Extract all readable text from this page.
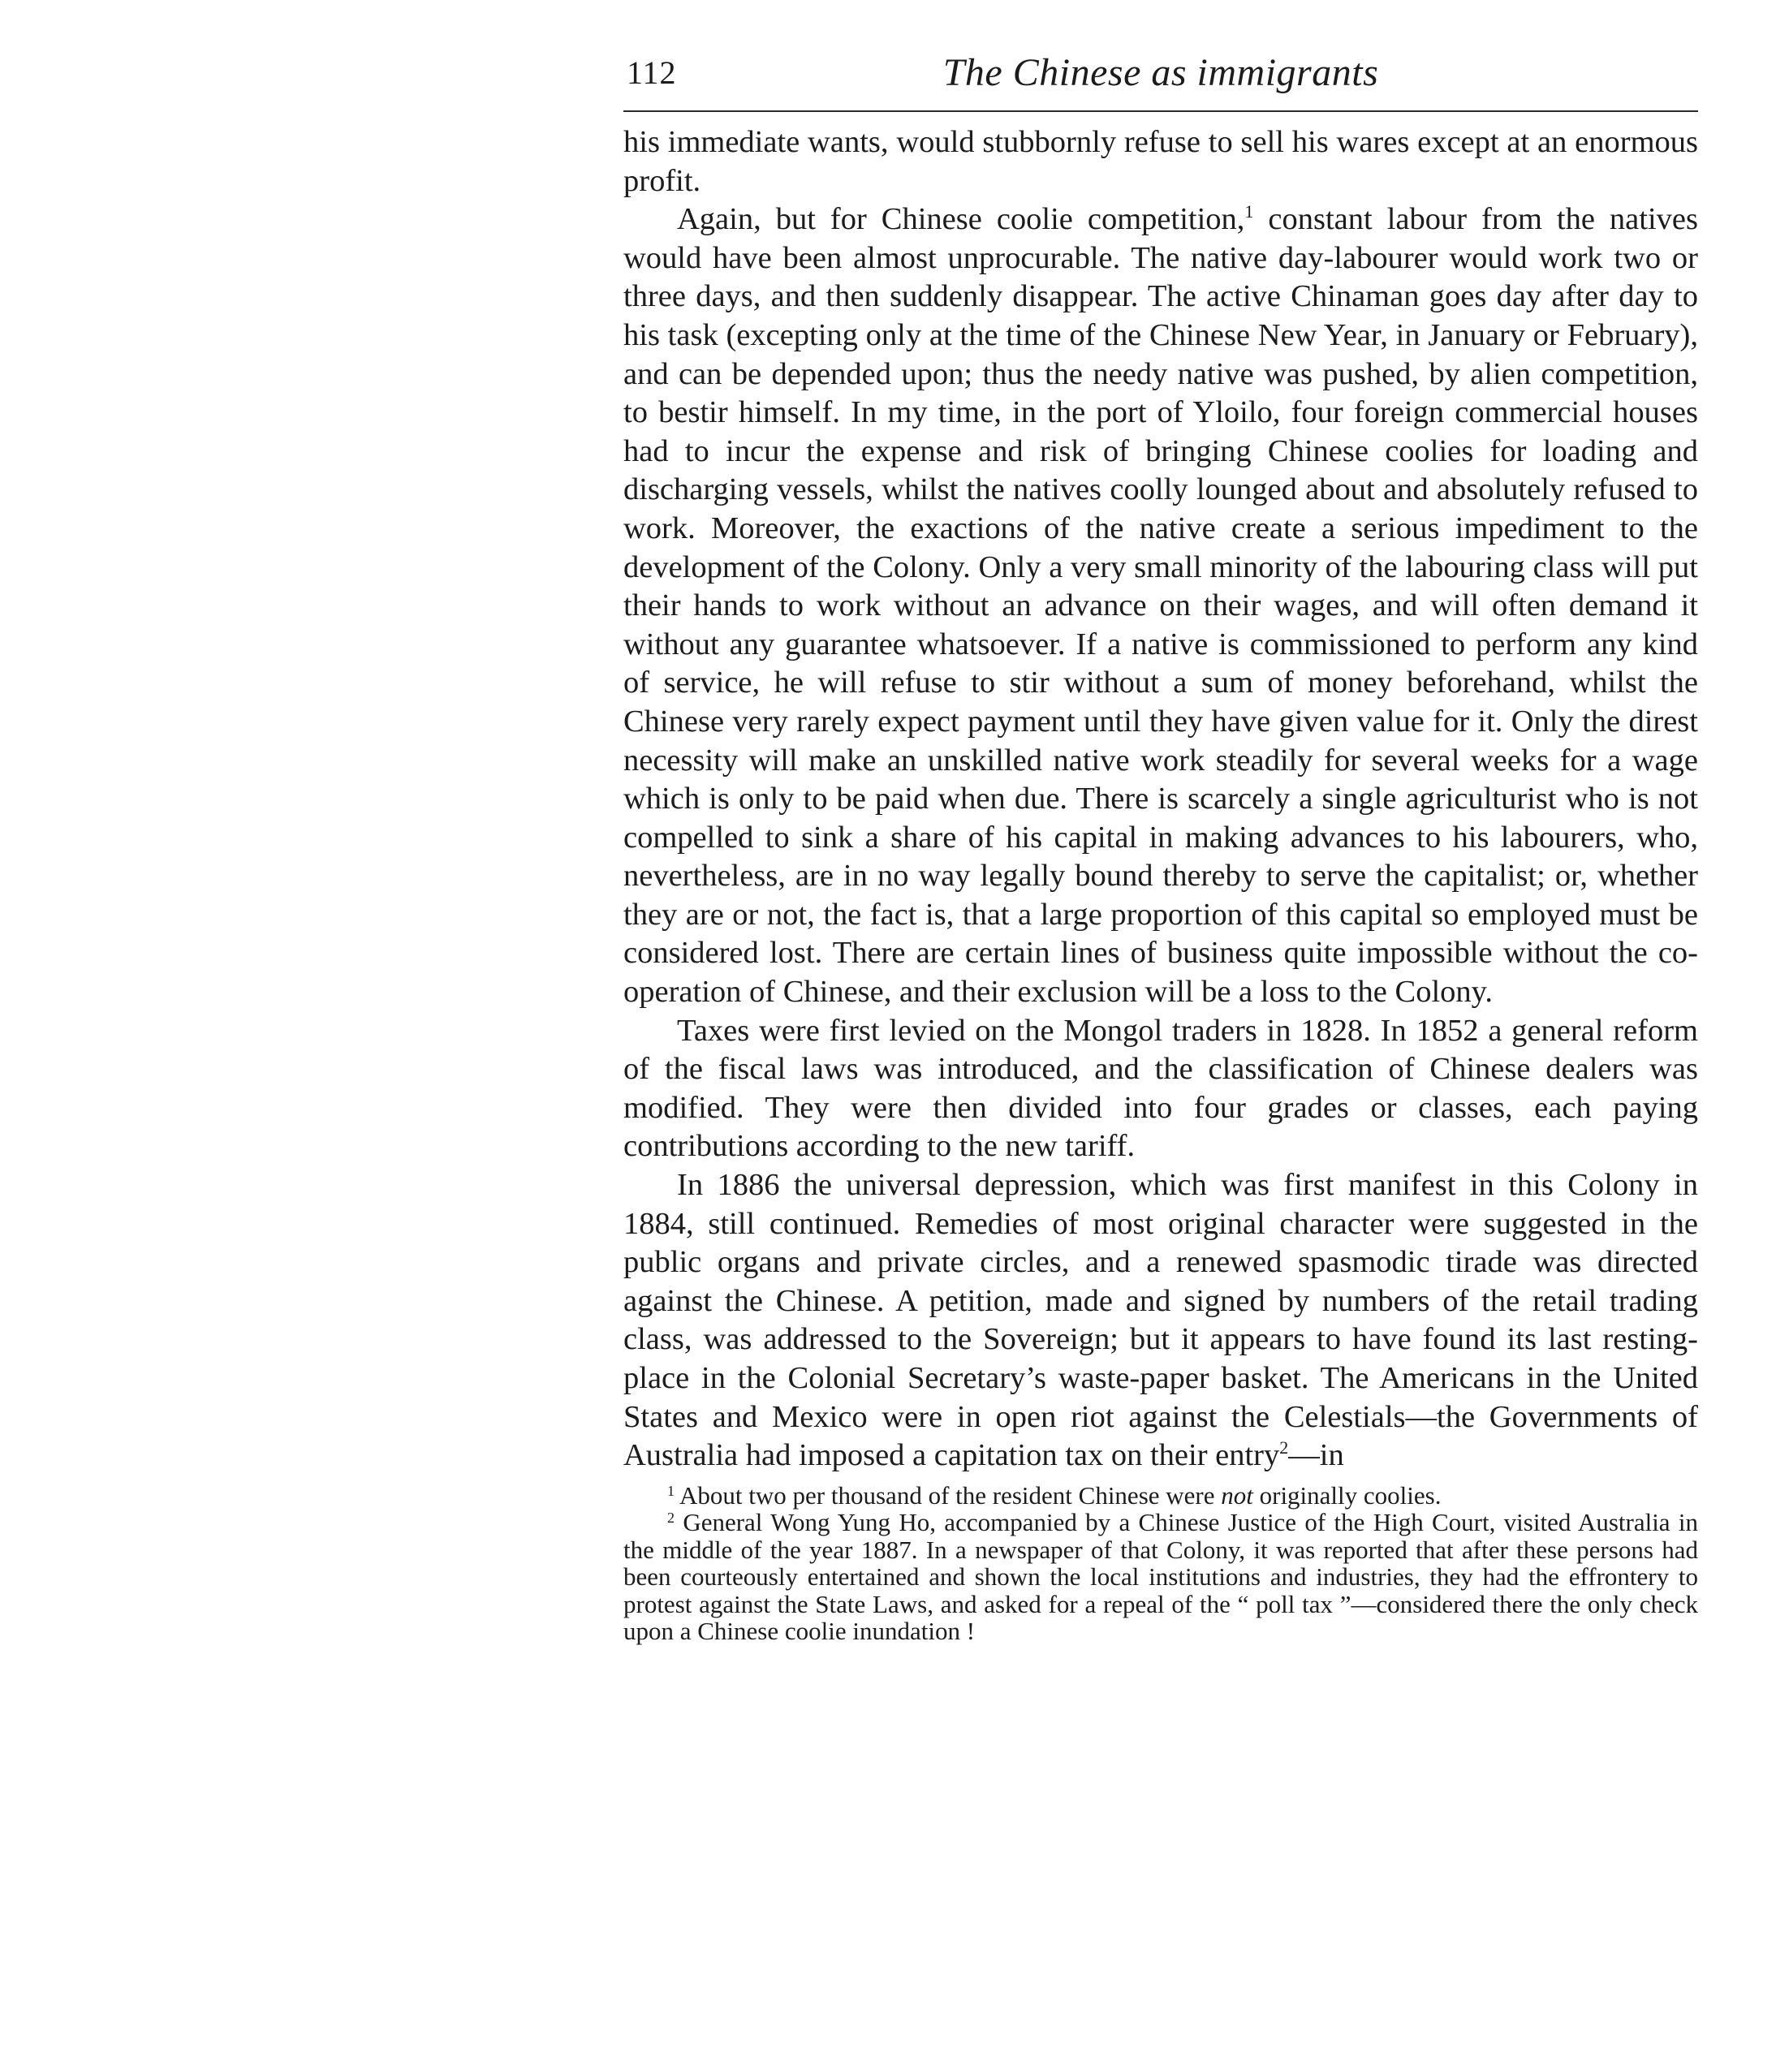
112	The Chinese as immigrants

his immediate wants, would stubbornly refuse to sell his wares except at an enormous profit.

Again, but for Chinese coolie competition,$^1$ constant labour from the natives would have been almost unprocurable. The native day-labourer would work two or three days, and then suddenly disappear. The active Chinaman goes day after day to his task (excepting only at the time of the Chinese New Year, in January or February), and can be depended upon; thus the needy native was pushed, by alien competition, to bestir himself. In my time, in the port of Yloilo, four foreign commercial houses had to incur the expense and risk of bringing Chinese coolies for loading and discharging vessels, whilst the natives coolly lounged about and absolutely refused to work. Moreover, the exactions of the native create a serious impediment to the development of the Colony. Only a very small minority of the labouring class will put their hands to work without an advance on their wages, and will often demand it without any guarantee whatsoever. If a native is commissioned to perform any kind of service, he will refuse to stir without a sum of money beforehand, whilst the Chinese very rarely expect payment until they have given value for it. Only the direst necessity will make an unskilled native work steadily for several weeks for a wage which is only to be paid when due. There is scarcely a single agriculturist who is not compelled to sink a share of his capital in making advances to his labourers, who, nevertheless, are in no way legally bound thereby to serve the capitalist; or, whether they are or not, the fact is, that a large proportion of this capital so employed must be considered lost. There are certain lines of business quite impossible without the co-operation of Chinese, and their exclusion will be a loss to the Colony.

Taxes were first levied on the Mongol traders in 1828. In 1852 a general reform of the fiscal laws was introduced, and the classification of Chinese dealers was modified. They were then divided into four grades or classes, each paying contributions according to the new tariff.

In 1886 the universal depression, which was first manifest in this Colony in 1884, still continued. Remedies of most original character were suggested in the public organs and private circles, and a renewed spasmodic tirade was directed against the Chinese. A petition, made and signed by numbers of the retail trading class, was addressed to the Sovereign; but it appears to have found its last resting-place in the Colonial Secretary’s waste-paper basket. The Americans in the United States and Mexico were in open riot against the Celestials—the Governments of Australia had imposed a capitation tax on their entry$^2$—in

$^1$ About two per thousand of the resident Chinese were not originally coolies.

$^2$ General Wong Yung Ho, accompanied by a Chinese Justice of the High Court, visited Australia in the middle of the year 1887. In a newspaper of that Colony, it was reported that after these persons had been courteously entertained and shown the local institutions and industries, they had the effrontery to protest against the State Laws, and asked for a repeal of the “ poll tax ”—considered there the only check upon a Chinese coolie inundation !
